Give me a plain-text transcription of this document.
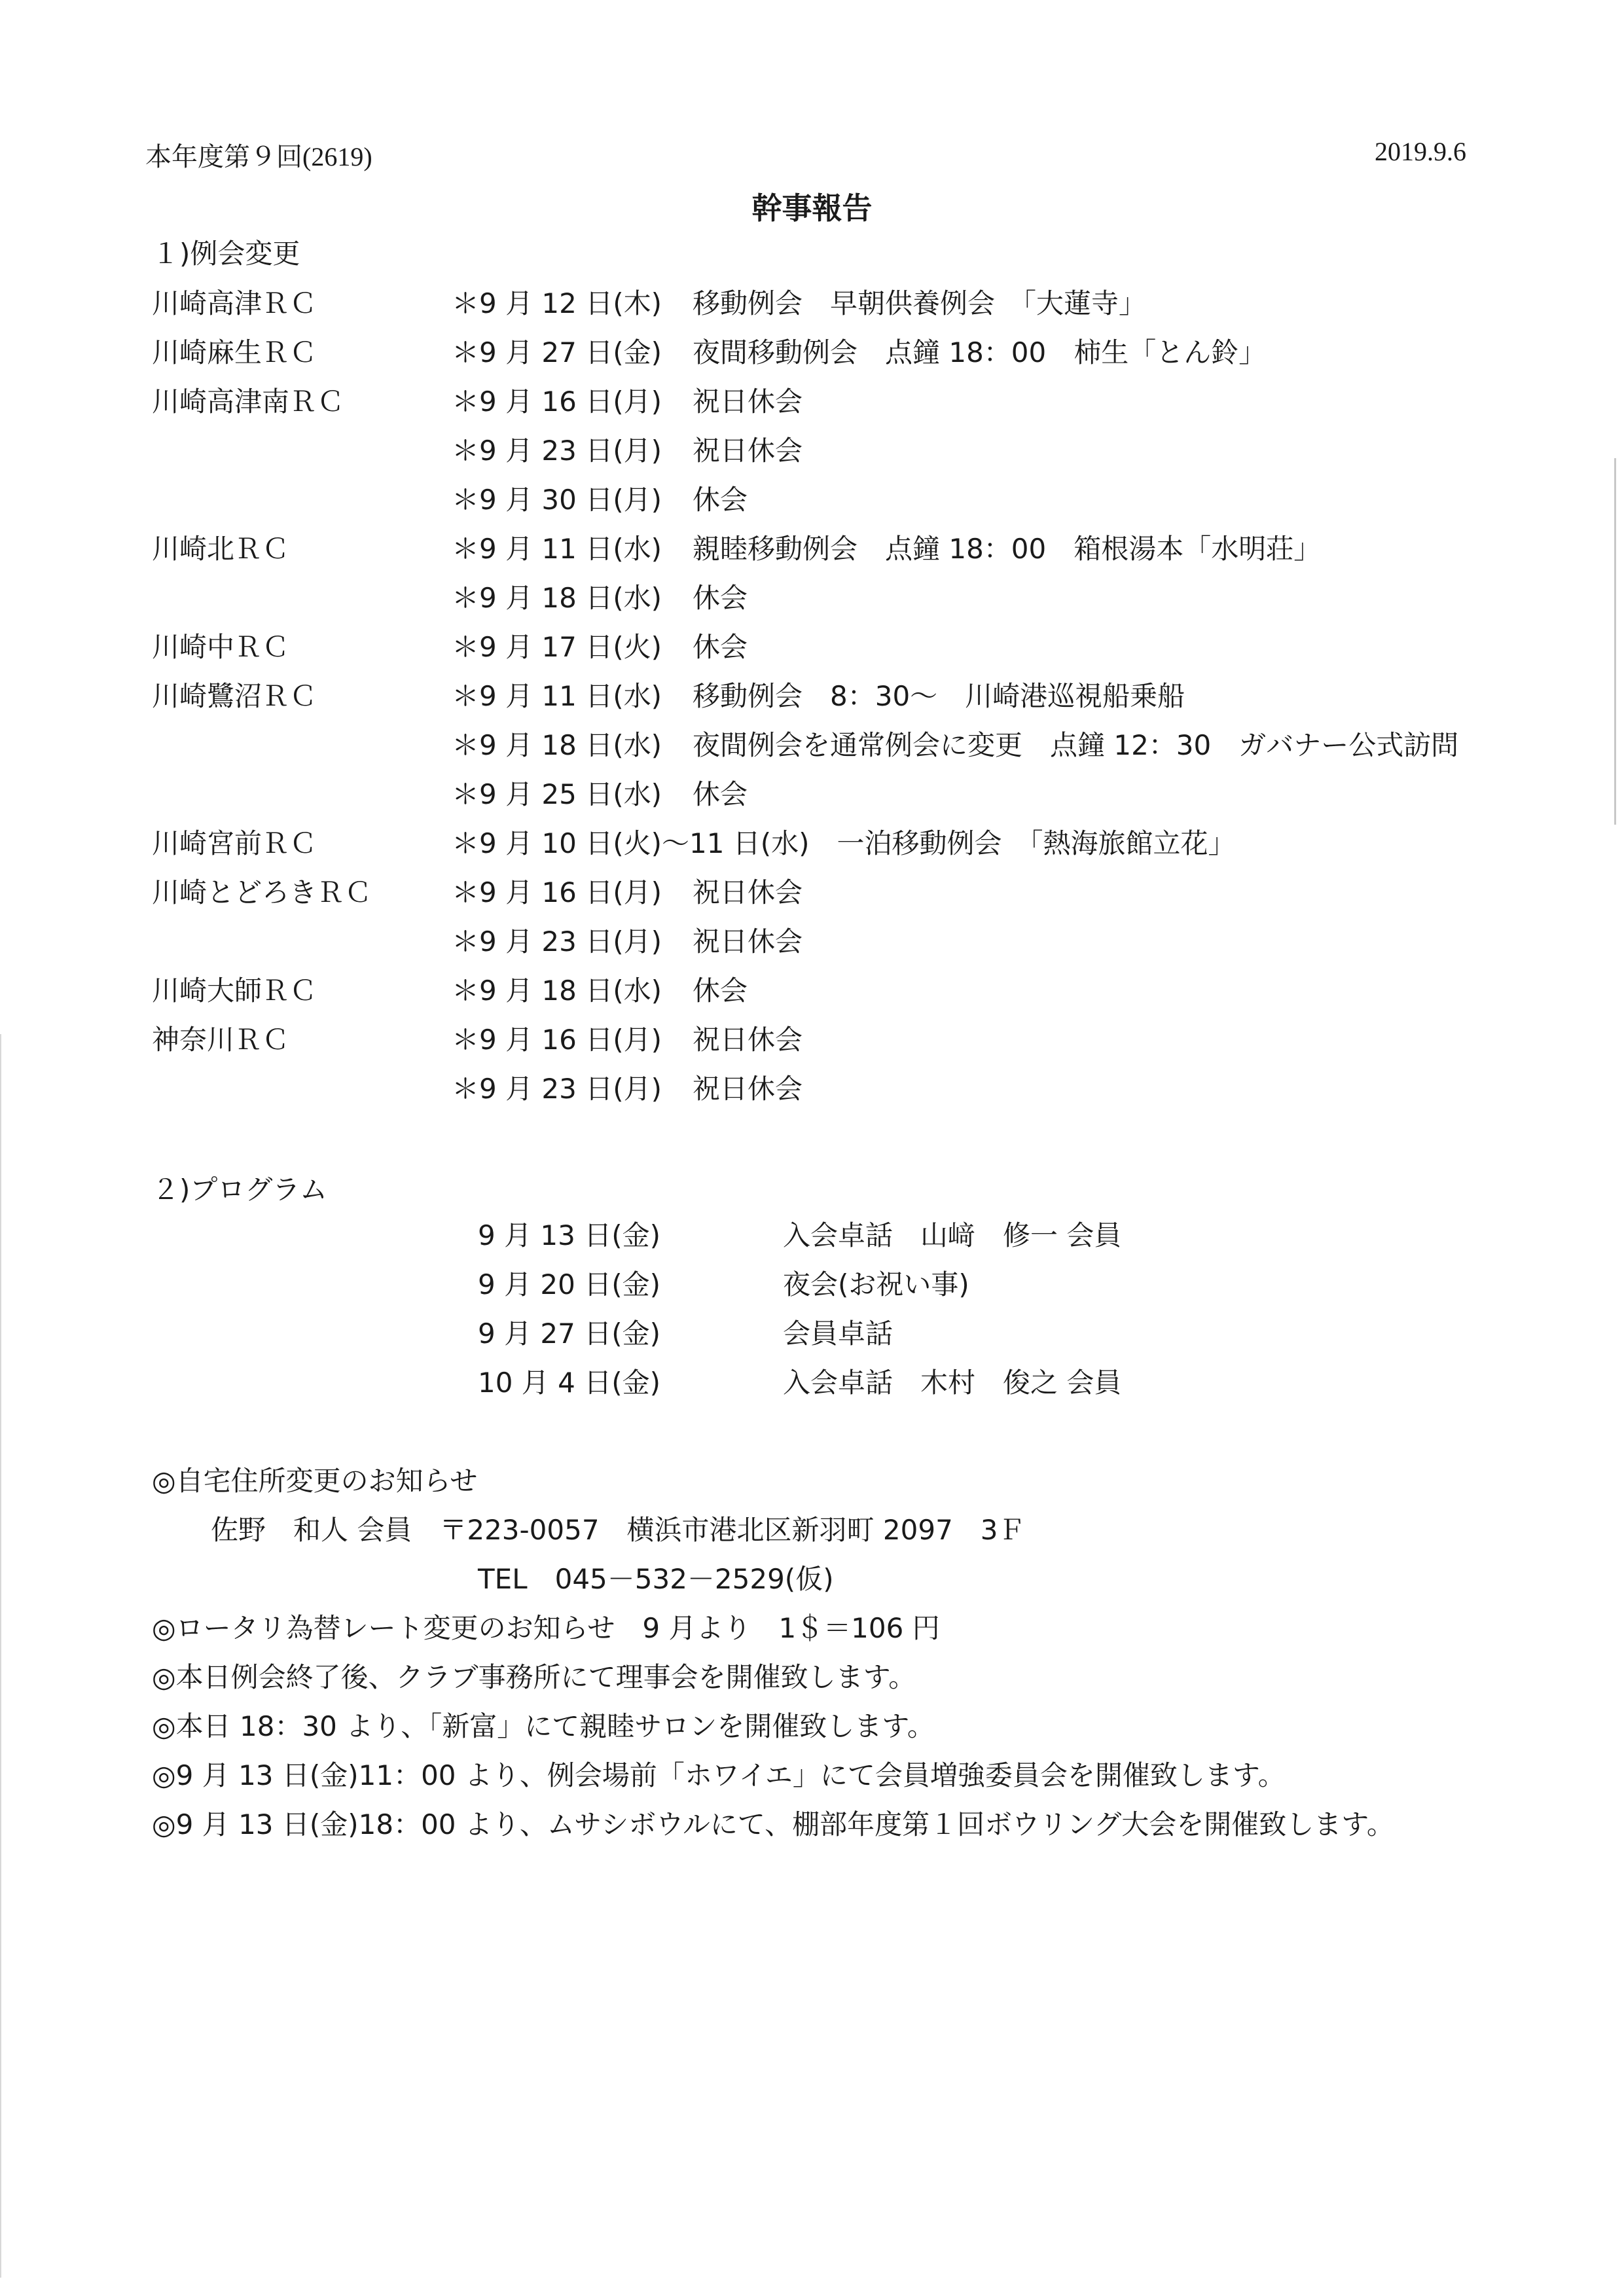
本年度第９回(2619)	2019.9.6
幹事報告
１)例会変更
川崎高津ＲＣ	＊9 月 12 日(木) 移動例会　早朝供養例会　「大蓮寺」
川崎麻生ＲＣ	＊9 月 27 日(金) 夜間移動例会　点鐘 18：00　柿生「とん鈴」
川崎高津南ＲＣ	＊9 月 16 日(月) 祝日休会
＊9 月 23 日(月) 祝日休会
＊9 月 30 日(月) 休会
川崎北ＲＣ	＊9 月 11 日(水) 親睦移動例会　点鐘 18：00　箱根湯本「水明荘」
＊9 月 18 日(水) 休会
川崎中ＲＣ	＊9 月 17 日(火) 休会
川崎鷺沼ＲＣ	＊9 月 11 日(水) 移動例会　8：30～　川崎港巡視船乗船
＊9 月 18 日(水) 夜間例会を通常例会に変更　点鐘 12：30　ガバナー公式訪問
＊9 月 25 日(水) 休会
川崎宮前ＲＣ	＊9 月 10 日(火)～11 日(水)　一泊移動例会　「熱海旅館立花」
川崎とどろきＲＣ	＊9 月 16 日(月) 祝日休会
＊9 月 23 日(月) 祝日休会
川崎大師ＲＣ	＊9 月 18 日(水) 休会
神奈川ＲＣ	＊9 月 16 日(月) 祝日休会
＊9 月 23 日(月) 祝日休会
２)プログラム
9 月 13 日(金)	入会卓話　山﨑　修一 会員
9 月 20 日(金)	夜会(お祝い事)
9 月 27 日(金)	会員卓話
10 月 4 日(金)	入会卓話　木村　俊之 会員
◎自宅住所変更のお知らせ
佐野　和人 会員　〒223-0057　横浜市港北区新羽町 2097　3Ｆ
TEL　045－532－2529(仮)
◎ロータリ為替レート変更のお知らせ　9 月より　1＄＝106 円
◎本日例会終了後、クラブ事務所にて理事会を開催致します。
◎本日 18：30 より、「新富」にて親睦サロンを開催致します。
◎9 月 13 日(金)11：00 より、例会場前「ホワイエ」にて会員増強委員会を開催致します。
◎9 月 13 日(金)18：00 より、ムサシボウルにて、棚部年度第１回ボウリング大会を開催致します。
